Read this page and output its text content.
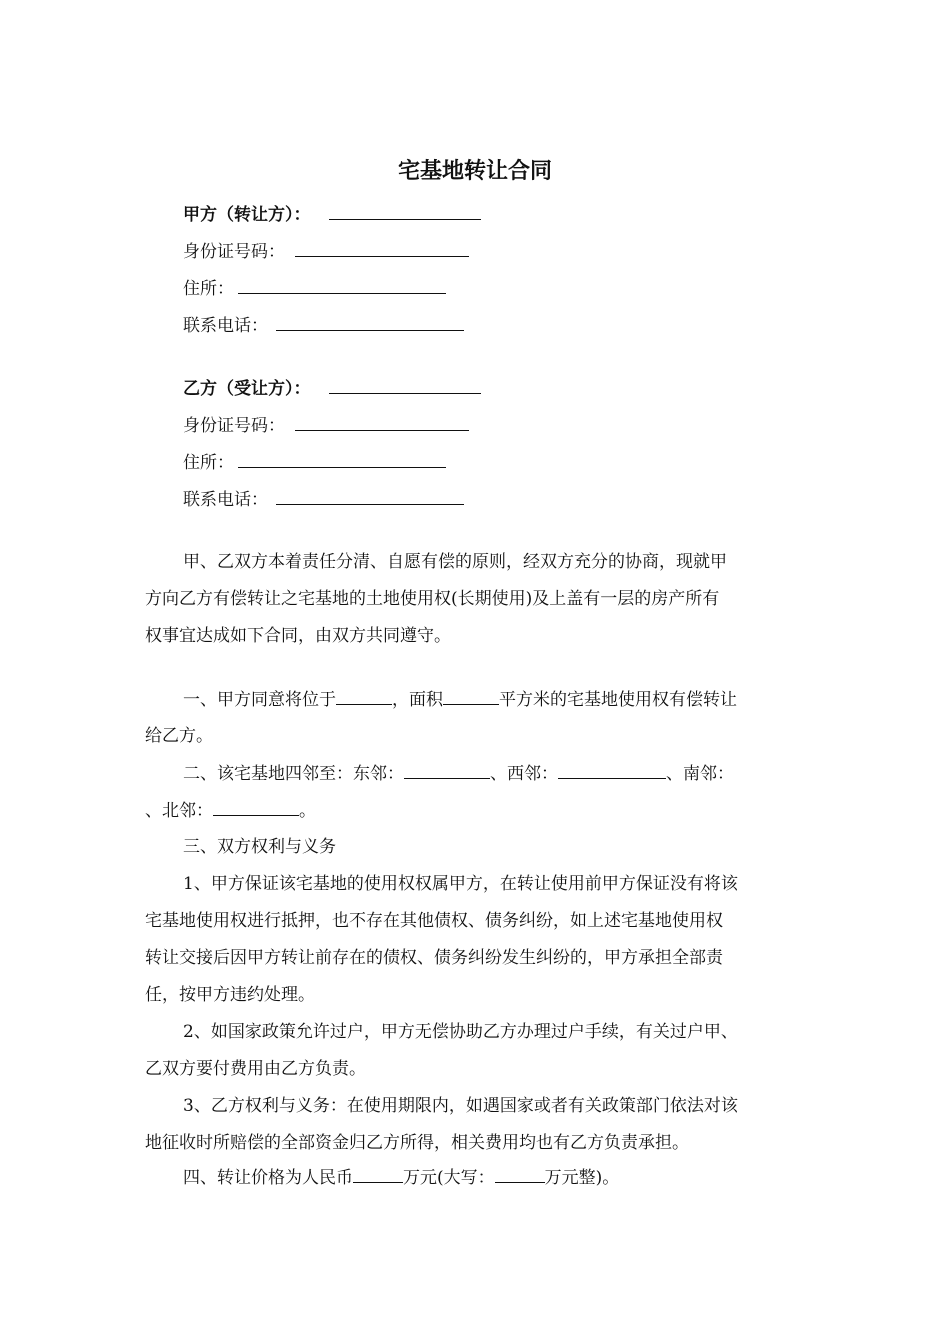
宅基地转让合同
甲方（转让方）：
身份证号码：
住所：
联系电话：
乙方（受让方）：
身份证号码：
住所：
联系电话：
甲、乙双方本着责任分清、自愿有偿的原则，经双方充分的协商，现就甲
方向乙方有偿转让之宅基地的土地使用权(长期使用)及上盖有一层的房产所有
权事宜达成如下合同，由双方共同遵守。
一、甲方同意将位于	，面积	平方米的宅基地使用权有偿转让
给乙方。
二、该宅基地四邻至：东邻：	、西邻：	、南邻：
、北邻：	。
三、双方权利与义务
1、甲方保证该宅基地的使用权权属甲方，在转让使用前甲方保证没有将该
宅基地使用权进行抵押，也不存在其他债权、债务纠纷，如上述宅基地使用权
转让交接后因甲方转让前存在的债权、债务纠纷发生纠纷的，甲方承担全部责
任，按甲方违约处理。
2、如国家政策允许过户，甲方无偿协助乙方办理过户手续，有关过户甲、
乙双方要付费用由乙方负责。
3、乙方权利与义务：在使用期限内，如遇国家或者有关政策部门依法对该
地征收时所赔偿的全部资金归乙方所得，相关费用均也有乙方负责承担。
四、转让价格为人民币	万元(大写：	万元整)。
